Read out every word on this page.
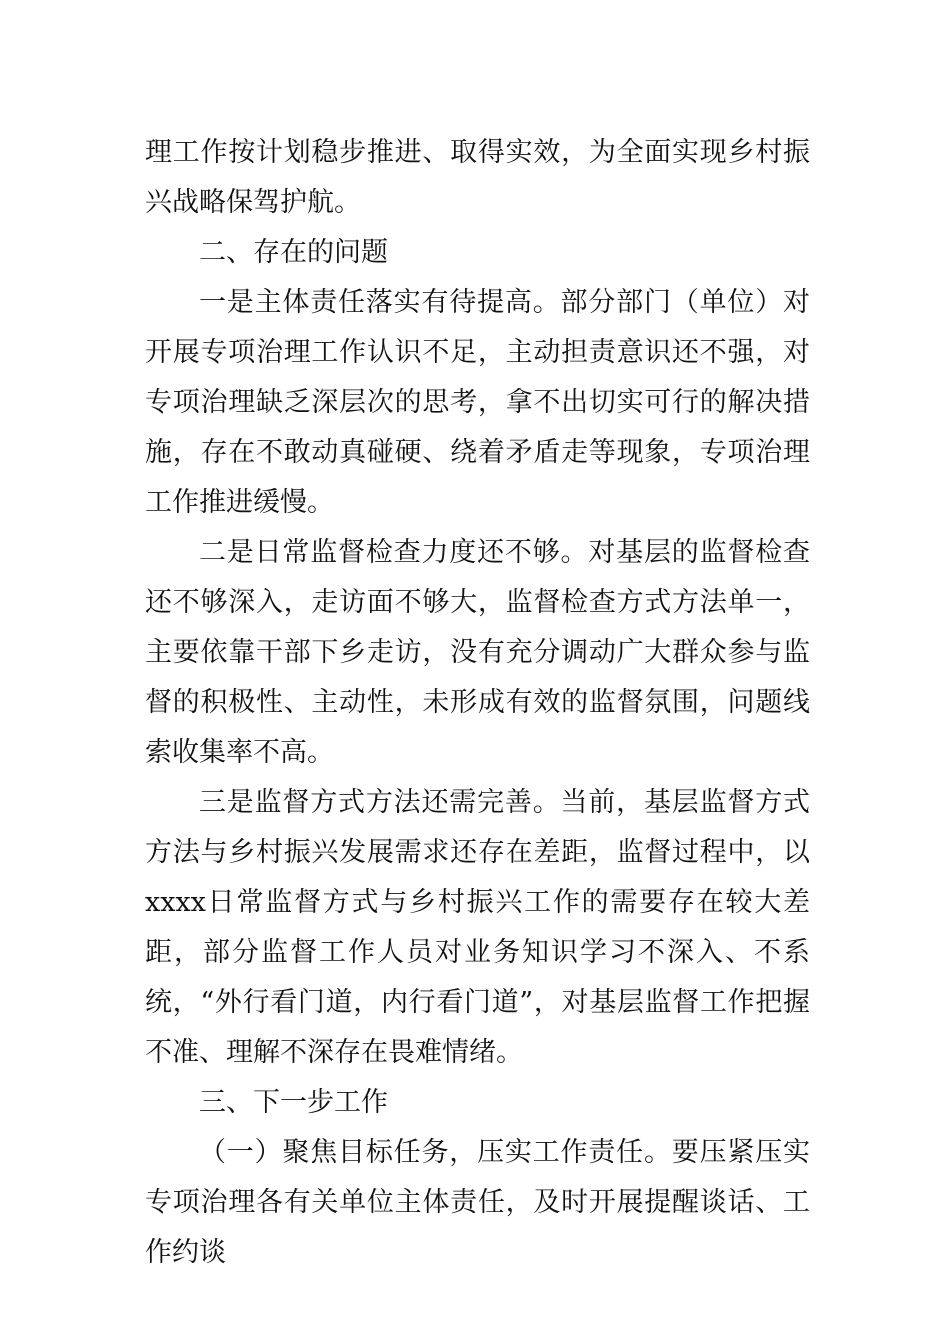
理工作按计划稳步推进、取得实效，为全面实现乡村振兴战略保驾护航。

二、存在的问题

一是主体责任落实有待提高。部分部门（单位）对开展专项治理工作认识不足，主动担责意识还不强，对专项治理缺乏深层次的思考，拿不出切实可行的解决措施，存在不敢动真碰硬、绕着矛盾走等现象，专项治理工作推进缓慢。

二是日常监督检查力度还不够。对基层的监督检查还不够深入，走访面不够大，监督检查方式方法单一，主要依靠干部下乡走访，没有充分调动广大群众参与监督的积极性、主动性，未形成有效的监督氛围，问题线索收集率不高。

三是监督方式方法还需完善。当前，基层监督方式方法与乡村振兴发展需求还存在差距，监督过程中，以xxxx日常监督方式与乡村振兴工作的需要存在较大差距，部分监督工作人员对业务知识学习不深入、不系统，“外行看门道，内行看门道”，对基层监督工作把握不准、理解不深存在畏难情绪。

三、下一步工作

（一）聚焦目标任务，压实工作责任。要压紧压实专项治理各有关单位主体责任，及时开展提醒谈话、工作约谈
